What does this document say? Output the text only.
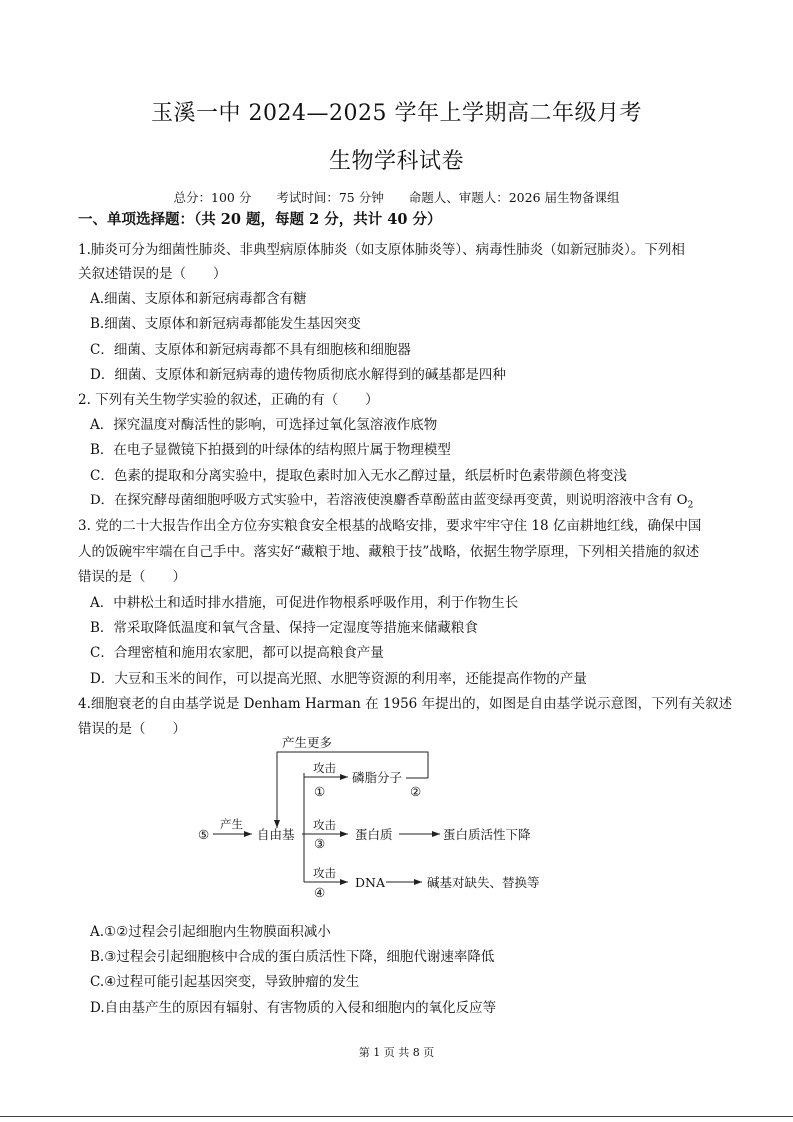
玉溪一中 2024—2025 学年上学期高二年级月考
生物学科试卷
总分：100 分　　考试时间：75 分钟　　命题人、审题人：2026 届生物备课组
一、单项选择题：（共 20 题，每题 2 分，共计 40 分）
1.肺炎可分为细菌性肺炎、非典型病原体肺炎（如支原体肺炎等）、病毒性肺炎（如新冠肺炎）。下列相
关叙述错误的是（　　）
A.细菌、支原体和新冠病毒都含有糖
B.细菌、支原体和新冠病毒都能发生基因突变
C．细菌、支原体和新冠病毒都不具有细胞核和细胞器
D．细菌、支原体和新冠病毒的遗传物质彻底水解得到的碱基都是四种
2. 下列有关生物学实验的叙述，正确的有（　　）
A．探究温度对酶活性的影响，可选择过氧化氢溶液作底物
B．在电子显微镜下拍摄到的叶绿体的结构照片属于物理模型
C．色素的提取和分离实验中，提取色素时加入无水乙醇过量，纸层析时色素带颜色将变浅
D．在探究酵母菌细胞呼吸方式实验中，若溶液使溴麝香草酚蓝由蓝变绿再变黄，则说明溶液中含有 $O_2$
3. 党的二十大报告作出全方位夯实粮食安全根基的战略安排，要求牢牢守住 18 亿亩耕地红线，确保中国
人的饭碗牢牢端在自己手中。落实好“藏粮于地、藏粮于技”战略，依据生物学原理，下列相关措施的叙述
错误的是（　　）
A．中耕松土和适时排水措施，可促进作物根系呼吸作用，利于作物生长
B．常采取降低温度和氧气含量、保持一定湿度等措施来储藏粮食
C．合理密植和施用农家肥，都可以提高粮食产量
D．大豆和玉米的间作，可以提高光照、水肥等资源的利用率，还能提高作物的产量
4.细胞衰老的自由基学说是 Denham Harman 在 1956 年提出的，如图是自由基学说示意图，下列有关叙述
错误的是（　　）
产生更多
攻击
①
磷脂分子
②
⑤
产生
自由基
攻击
③
蛋白质	蛋白质活性下降
攻击
④
DNA	碱基对缺失、替换等
A.①②过程会引起细胞内生物膜面积减小
B.③过程会引起细胞核中合成的蛋白质活性下降，细胞代谢速率降低
C.④过程可能引起基因突变，导致肿瘤的发生
D.自由基产生的原因有辐射、有害物质的入侵和细胞内的氧化反应等
第 1 页 共 8 页
